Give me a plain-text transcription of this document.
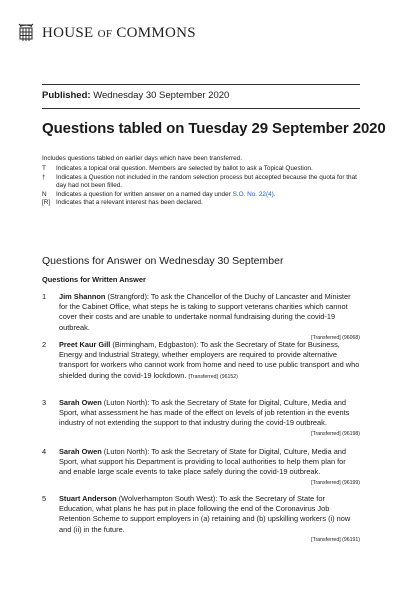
HOUSE OF COMMONS
Published: Wednesday 30 September 2020
Questions tabled on Tuesday 29 September 2020
Includes questions tabled on earlier days which have been transferred.
T	Indicates a topical oral question. Members are selected by ballot to ask a Topical Question.
†	Indicates a Question not included in the random selection process but accepted because the quota for that day had not been filled.
N	Indicates a question for written answer on a named day under S.O. No. 22(4).
[R] Indicates that a relevant interest has been declared.
Questions for Answer on Wednesday 30 September
Questions for Written Answer
1	Jim Shannon (Strangford): To ask the Chancellor of the Duchy of Lancaster and Minister for the Cabinet Office, what steps he is taking to support veterans charities which cannot cover their costs and are unable to undertake normal fundraising during the covid-19 outbreak.
[Transferred] (96068)
2	Preet Kaur Gill (Birmingham, Edgbaston): To ask the Secretary of State for Business, Energy and Industrial Strategy, whether employers are required to provide alternative transport for workers who cannot work from home and need to use public transport and who shielded during the covid-19 lockdown. [Transferred] (96152)
3	Sarah Owen (Luton North): To ask the Secretary of State for Digital, Culture, Media and Sport, what assessment he has made of the effect on levels of job retention in the events industry of not extending the support to that industry during the covid-19 outbreak.
[Transferred] (96198)
4	Sarah Owen (Luton North): To ask the Secretary of State for Digital, Culture, Media and Sport, what support his Department is providing to local authorities to help them plan for and enable large scale events to take place safely during the covid-19 outbreak.
[Transferred] (96199)
5	Stuart Anderson (Wolverhampton South West): To ask the Secretary of State for Education, what plans he has put in place following the end of the Coronavirus Job Retention Scheme to support employers in (a) retaining and (b) upskilling workers (i) now and (ii) in the future.
[Transferred] (96191)
